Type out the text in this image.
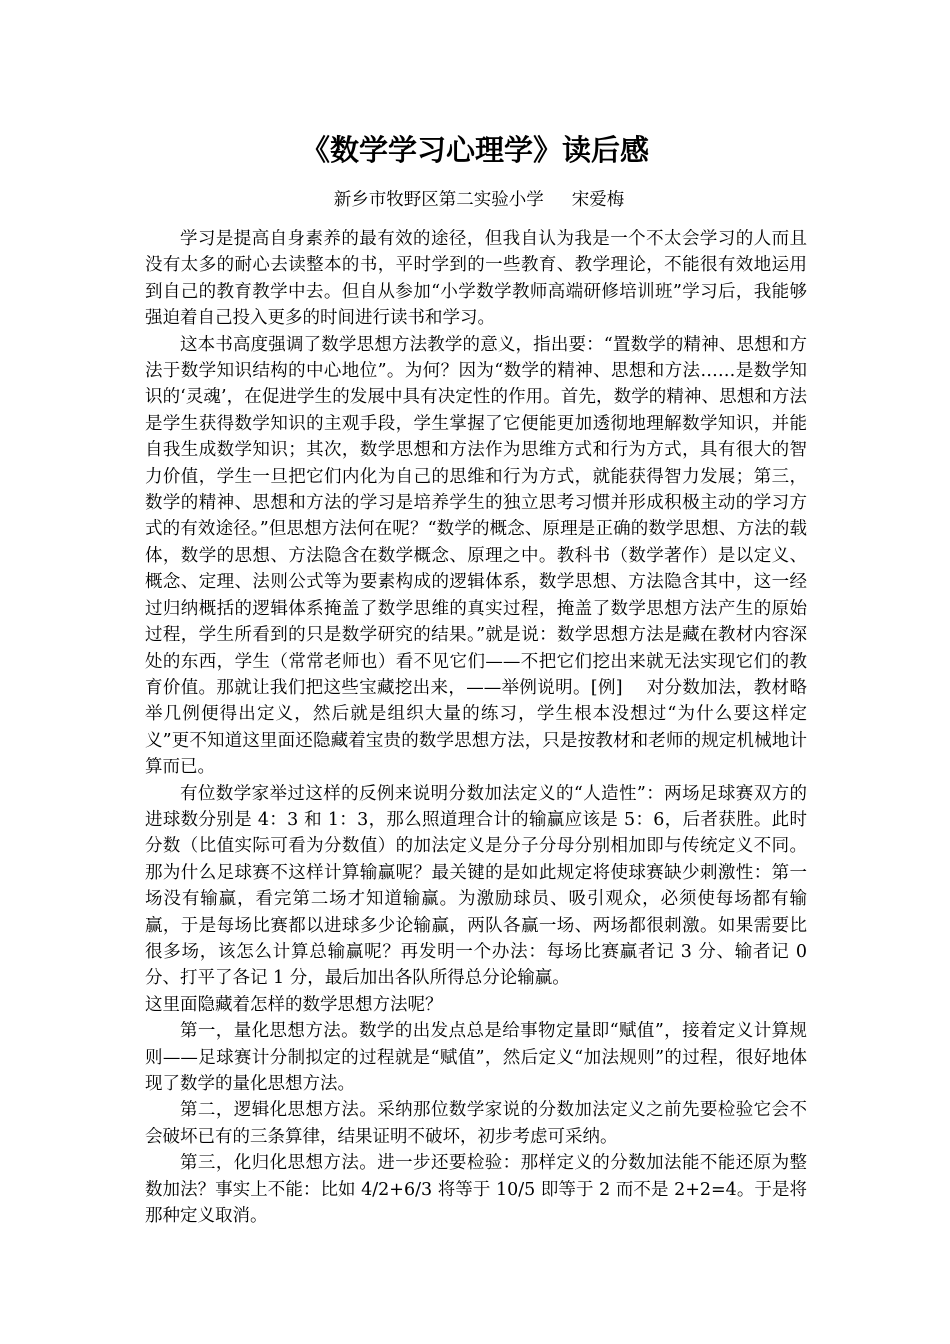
《数学学习心理学》读后感
新乡市牧野区第二实验小学 宋爱梅

学习是提高自身素养的最有效的途径，但我自认为我是一个不太会学习的人而且没有太多的耐心去读整本的书，平时学到的一些教育、教学理论，不能很有效地运用到自己的教育教学中去。但自从参加“小学数学教师高端研修培训班”学习后，我能够强迫着自己投入更多的时间进行读书和学习。

这本书高度强调了数学思想方法教学的意义，指出要：“置数学的精神、思想和方法于数学知识结构的中心地位”。为何？因为“数学的精神、思想和方法……是数学知识的‘灵魂’，在促进学生的发展中具有决定性的作用。首先，数学的精神、思想和方法是学生获得数学知识的主观手段，学生掌握了它便能更加透彻地理解数学知识，并能自我生成数学知识；其次，数学思想和方法作为思维方式和行为方式，具有很大的智力价值，学生一旦把它们内化为自己的思维和行为方式，就能获得智力发展；第三，数学的精神、思想和方法的学习是培养学生的独立思考习惯并形成积极主动的学习方式的有效途径。”但思想方法何在呢？“数学的概念、原理是正确的数学思想、方法的载体，数学的思想、方法隐含在数学概念、原理之中。教科书（数学著作）是以定义、概念、定理、法则公式等为要素构成的逻辑体系，数学思想、方法隐含其中，这一经过归纳概括的逻辑体系掩盖了数学思维的真实过程，掩盖了数学思想方法产生的原始过程，学生所看到的只是数学研究的结果。”就是说：数学思想方法是藏在教材内容深处的东西，学生（常常老师也）看不见它们——不把它们挖出来就无法实现它们的教育价值。那就让我们把这些宝藏挖出来，——举例说明。[例]　 对分数加法，教材略举几例便得出定义，然后就是组织大量的练习，学生根本没想过“为什么要这样定义”更不知道这里面还隐藏着宝贵的数学思想方法，只是按教材和老师的规定机械地计算而已。

有位数学家举过这样的反例来说明分数加法定义的“人造性”：两场足球赛双方的进球数分别是 4：3 和 1：3，那么照道理合计的输赢应该是 5：6，后者获胜。此时分数（比值实际可看为分数值）的加法定义是分子分母分别相加即与传统定义不同。那为什么足球赛不这样计算输赢呢？最关键的是如此规定将使球赛缺少刺激性：第一场没有输赢，看完第二场才知道输赢。为激励球员、吸引观众，必须使每场都有输赢，于是每场比赛都以进球多少论输赢，两队各赢一场、两场都很刺激。如果需要比很多场，该怎么计算总输赢呢？再发明一个办法：每场比赛赢者记 3 分、输者记 0 分、打平了各记 1 分，最后加出各队所得总分论输赢。

这里面隐藏着怎样的数学思想方法呢？

第一，量化思想方法。数学的出发点总是给事物定量即“赋值”，接着定义计算规则——足球赛计分制拟定的过程就是“赋值”，然后定义“加法规则”的过程，很好地体现了数学的量化思想方法。

第二，逻辑化思想方法。采纳那位数学家说的分数加法定义之前先要检验它会不会破坏已有的三条算律，结果证明不破坏，初步考虑可采纳。

第三，化归化思想方法。进一步还要检验：那样定义的分数加法能不能还原为整数加法？事实上不能：比如 4/2+6/3 将等于 10/5 即等于 2 而不是 2+2=4。于是将那种定义取消。
